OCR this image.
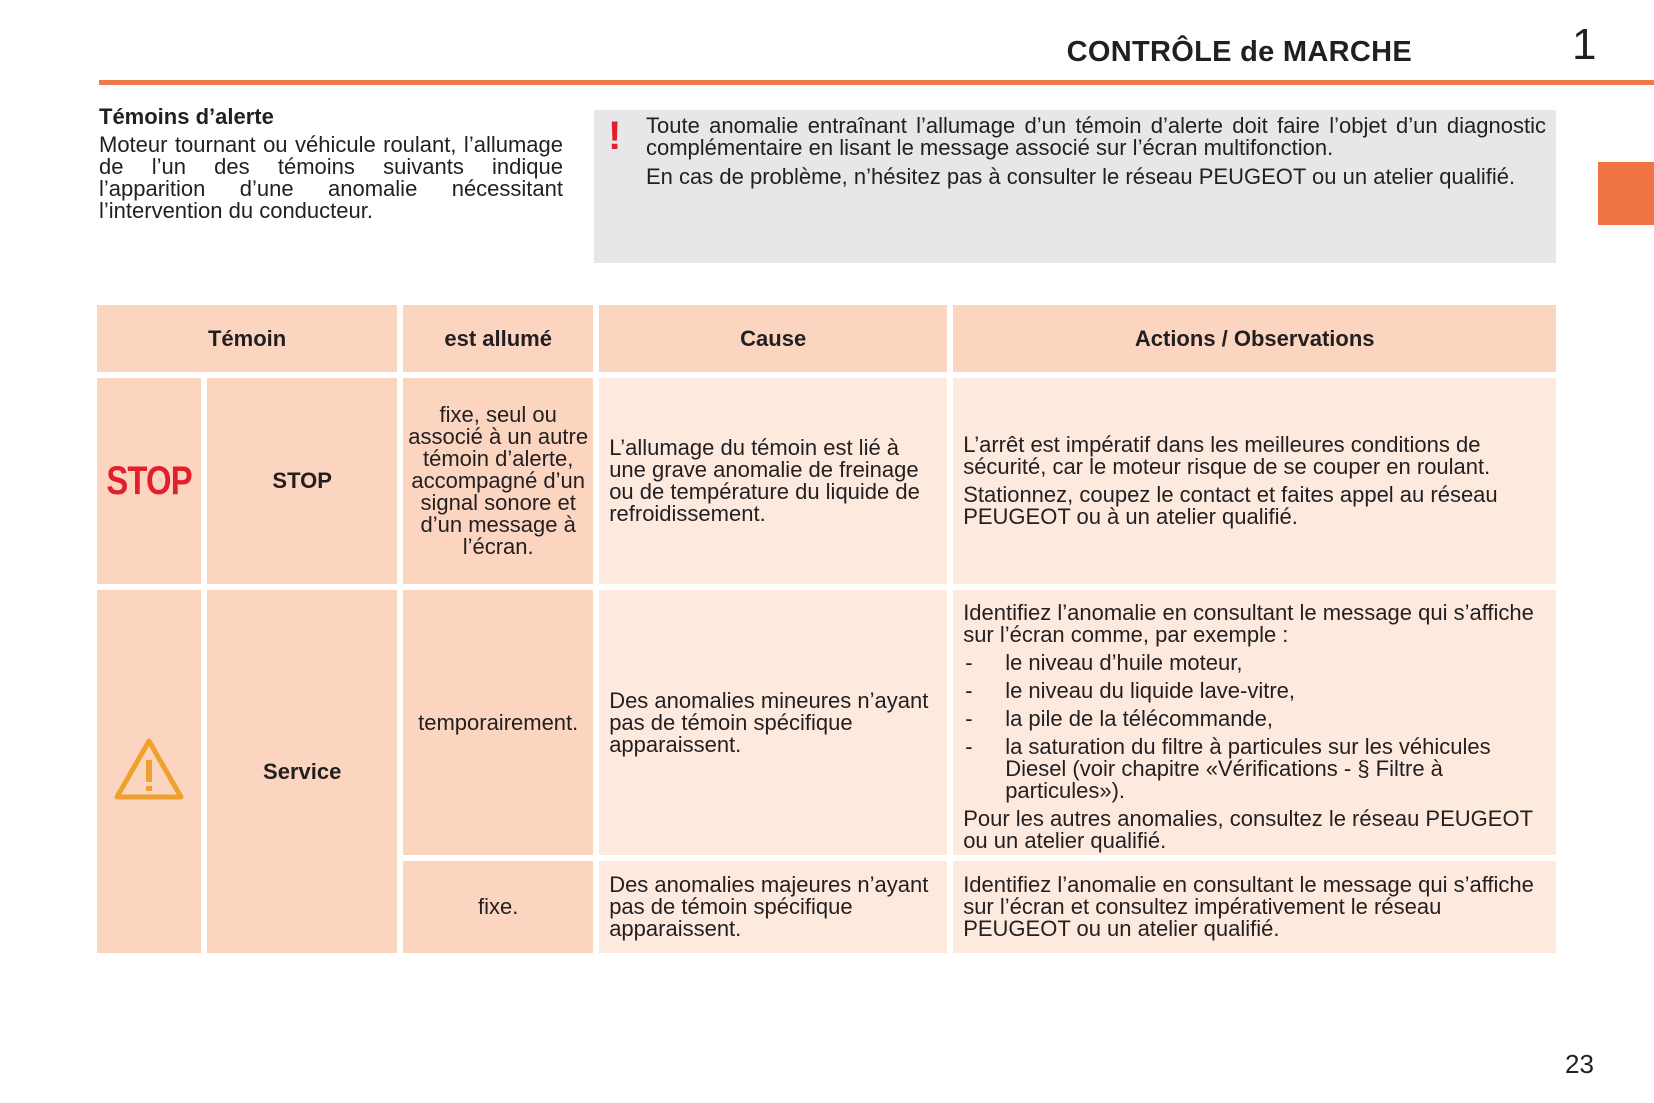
CONTRÔLE de MARCHE	1
Témoins d’alerte

Moteur tournant ou véhicule roulant, l’allumage de l’un des témoins suivants indique l’apparition d’une anomalie nécessitant l’intervention du conducteur.

! Toute anomalie entraînant l’allumage d’un témoin d’alerte doit faire l’objet d’un diagnostic complémentaire en lisant le message associé sur l’écran multifonction.

En cas de problème, n’hésitez pas à consulter le réseau PEUGEOT ou un atelier qualifié.

Témoin		est allumé	Cause	Actions / Observations
STOP	STOP	fixe, seul ou associé à un autre témoin d’alerte, accompagné d’un signal sonore et d’un message à l’écran.	L’allumage du témoin est lié à une grave anomalie de freinage ou de température du liquide de refroidissement.	L’arrêt est impératif dans les meilleures conditions de sécurité, car le moteur risque de se couper en roulant.

Stationnez, coupez le contact et faites appel au réseau PEUGEOT ou à un atelier qualifié.

	Service	temporairement.	Des anomalies mineures n’ayant pas de témoin spécifique apparaissent.	

Identifiez l’anomalie en consultant le message qui s’affiche sur l’écran comme, par exemple :

- le niveau d’huile moteur,
- le niveau du liquide lave-vitre,
- la pile de la télécommande,
- la saturation du filtre à particules sur les véhicules Diesel (voir chapitre «Vérifications - § Filtre à particules»).

Pour les autres anomalies, consultez le réseau PEUGEOT ou un atelier qualifié.

		fixe.	Des anomalies majeures n’ayant pas de témoin spécifique apparaissent.	Identifiez l’anomalie en consultant le message qui s’affiche sur l’écran et consultez impérativement le réseau PEUGEOT ou un atelier qualifié.

23
